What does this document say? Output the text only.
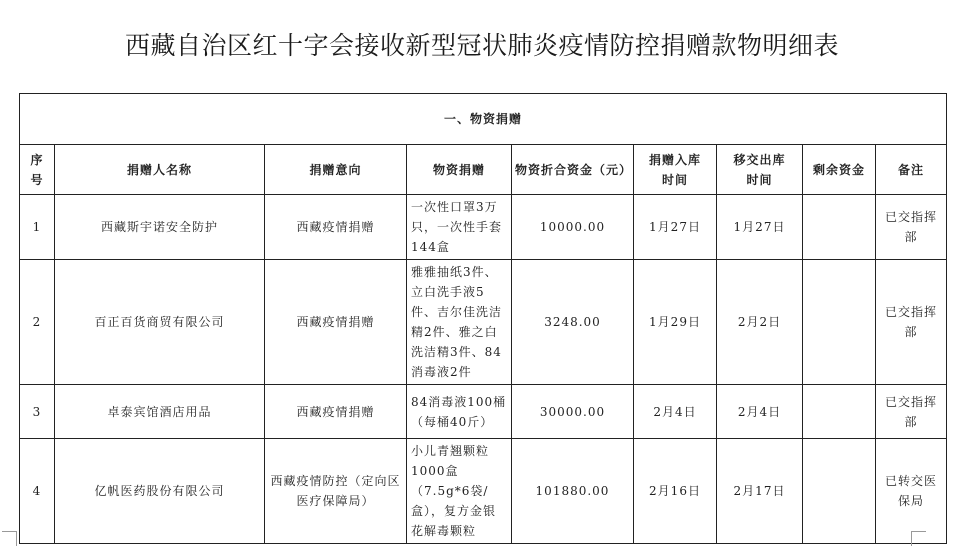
西藏自治区红十字会接收新型冠状肺炎疫情防控捐赠款物明细表
一、物资捐赠								
序
号	捐赠人名称	捐赠意向	物资捐赠	物资折合资金（元）	捐赠入库
时间	移交出库
时间	剩余资金	备注
1	西藏斯宇诺安全防护	西藏疫情捐赠	一次性口罩3万只，一次性手套144盒	10000.00	1月27日	1月27日		已交指挥部
2	百正百货商贸有限公司	西藏疫情捐赠	雅雅抽纸3件、立白洗手液5件、吉尔佳洗洁精2件、雅之白洗洁精3件、84消毒液2件	3248.00	1月29日	2月2日		已交指挥部
3	卓泰宾馆酒店用品	西藏疫情捐赠	84消毒液100桶（每桶40斤）	30000.00	2月4日	2月4日		已交指挥部
4	亿帆医药股份有限公司	西藏疫情防控（定向区医疗保障局）	小儿青翘颗粒1000盒（7.5g*6袋/盒），复方金银花解毒颗粒	101880.00	2月16日	2月17日		已转交医保局
